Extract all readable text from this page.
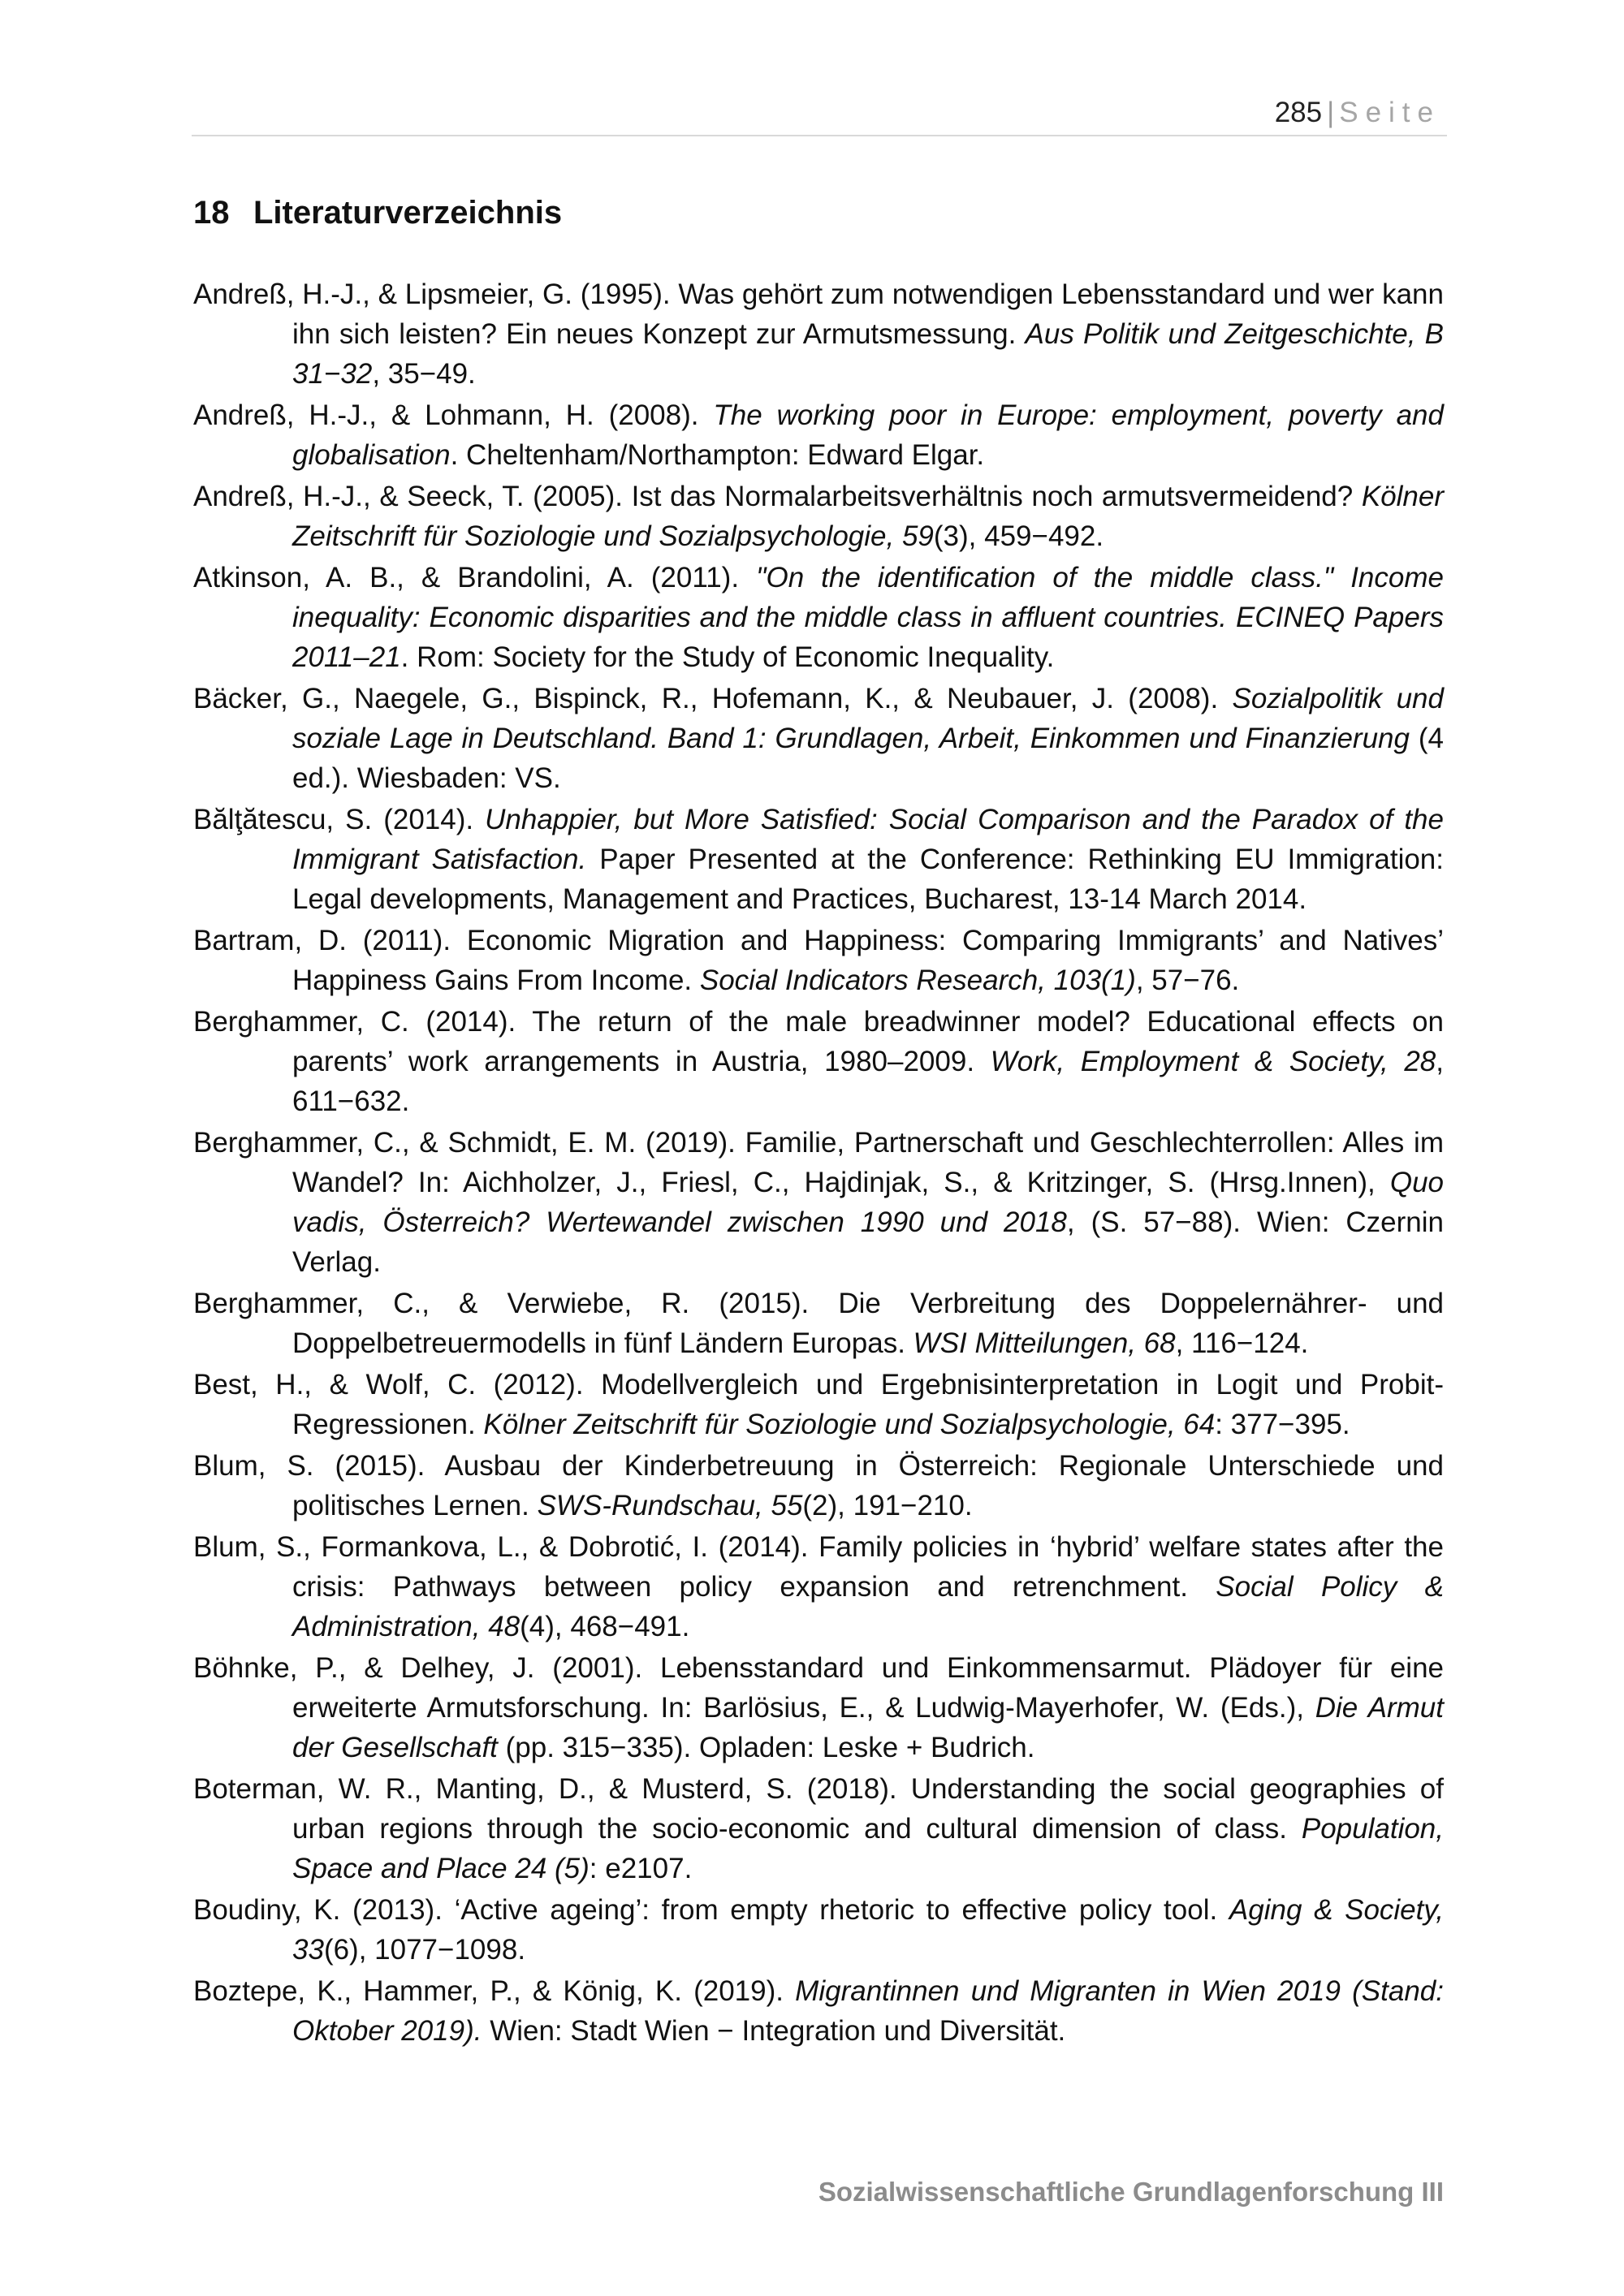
285 | Seite
18 Literaturverzeichnis
Andreß, H.-J., & Lipsmeier, G. (1995). Was gehört zum notwendigen Lebensstandard und wer kann ihn sich leisten? Ein neues Konzept zur Armutsmessung. Aus Politik und Zeitgeschichte, B 31−32, 35−49.
Andreß, H.-J., & Lohmann, H. (2008). The working poor in Europe: employment, poverty and globalisation. Cheltenham/Northampton: Edward Elgar.
Andreß, H.-J., & Seeck, T. (2005). Ist das Normalarbeitsverhältnis noch armutsvermeidend? Kölner Zeitschrift für Soziologie und Sozialpsychologie, 59(3), 459−492.
Atkinson, A. B., & Brandolini, A. (2011). "On the identification of the middle class." Income inequality: Economic disparities and the middle class in affluent countries. ECINEQ Papers 2011–21. Rom: Society for the Study of Economic Inequality.
Bäcker, G., Naegele, G., Bispinck, R., Hofemann, K., & Neubauer, J. (2008). Sozialpolitik und soziale Lage in Deutschland. Band 1: Grundlagen, Arbeit, Einkommen und Finanzierung (4 ed.). Wiesbaden: VS.
Bălţătescu, S. (2014). Unhappier, but More Satisfied: Social Comparison and the Paradox of the Immigrant Satisfaction. Paper Presented at the Conference: Rethinking EU Immigration: Legal developments, Management and Practices, Bucharest, 13-14 March 2014.
Bartram, D. (2011). Economic Migration and Happiness: Comparing Immigrants’ and Natives’ Happiness Gains From Income. Social Indicators Research, 103(1), 57−76.
Berghammer, C. (2014). The return of the male breadwinner model? Educational effects on parents’ work arrangements in Austria, 1980–2009. Work, Employment & Society, 28, 611−632.
Berghammer, C., & Schmidt, E. M. (2019). Familie, Partnerschaft und Geschlechterrollen: Alles im Wandel? In: Aichholzer, J., Friesl, C., Hajdinjak, S., & Kritzinger, S. (Hrsg.Innen), Quo vadis, Österreich? Wertewandel zwischen 1990 und 2018, (S. 57−88). Wien: Czernin Verlag.
Berghammer, C., & Verwiebe, R. (2015). Die Verbreitung des Doppelernährer- und Doppelbetreuermodells in fünf Ländern Europas. WSI Mitteilungen, 68, 116−124.
Best, H., & Wolf, C. (2012). Modellvergleich und Ergebnisinterpretation in Logit und Probit-Regressionen. Kölner Zeitschrift für Soziologie und Sozialpsychologie, 64: 377−395.
Blum, S. (2015). Ausbau der Kinderbetreuung in Österreich: Regionale Unterschiede und politisches Lernen. SWS-Rundschau, 55(2), 191−210.
Blum, S., Formankova, L., & Dobrotić, I. (2014). Family policies in ‘hybrid’ welfare states after the crisis: Pathways between policy expansion and retrenchment. Social Policy & Administration, 48(4), 468−491.
Böhnke, P., & Delhey, J. (2001). Lebensstandard und Einkommensarmut. Plädoyer für eine erweiterte Armutsforschung. In: Barlösius, E., & Ludwig-Mayerhofer, W. (Eds.), Die Armut der Gesellschaft (pp. 315−335). Opladen: Leske + Budrich.
Boterman, W. R., Manting, D., & Musterd, S. (2018). Understanding the social geographies of urban regions through the socio-economic and cultural dimension of class. Population, Space and Place 24 (5): e2107.
Boudiny, K. (2013). ‘Active ageing’: from empty rhetoric to effective policy tool. Aging & Society, 33(6), 1077−1098.
Boztepe, K., Hammer, P., & König, K. (2019). Migrantinnen und Migranten in Wien 2019 (Stand: Oktober 2019). Wien: Stadt Wien − Integration und Diversität.
Sozialwissenschaftliche Grundlagenforschung III
